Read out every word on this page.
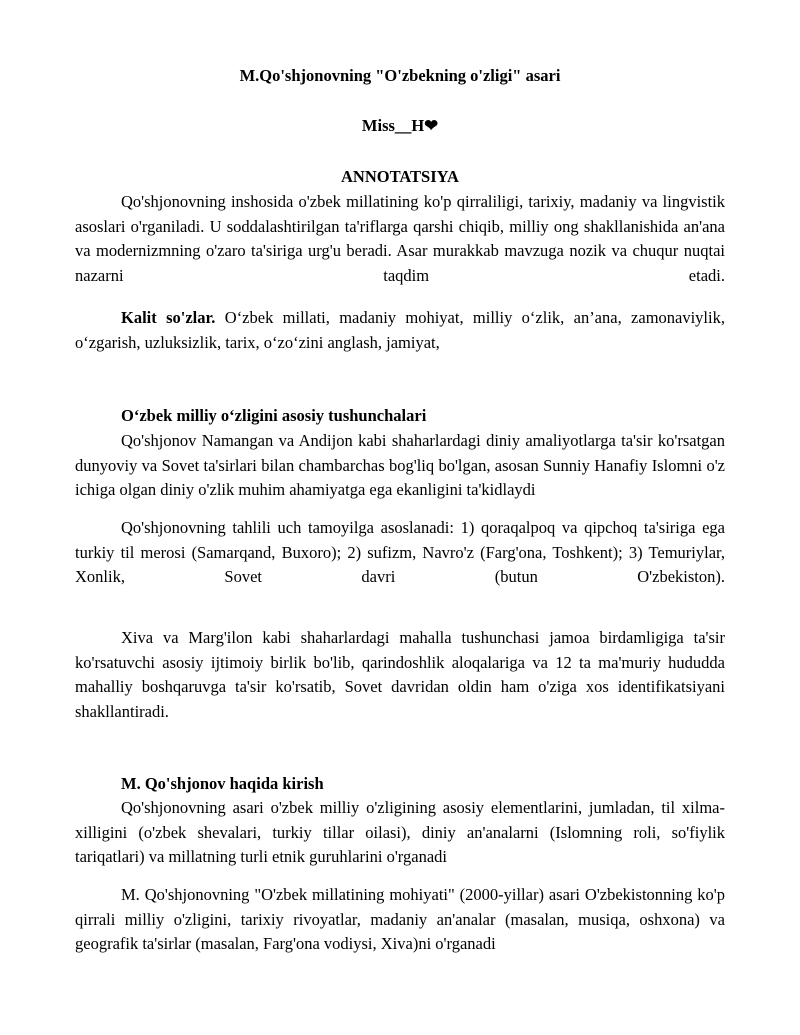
M.Qo'shjonovning "O'zbekning o'zligi" asari
Miss__H❤
ANNOTATSIYA

Qo'shjonovning inshosida o'zbek millatining ko'p qirraliligi, tarixiy, madaniy va lingvistik asoslari o'rganiladi. U soddalashtirilgan ta'riflarga qarshi chiqib, milliy ong shakllanishida an'ana va modernizmning o'zaro ta'siriga urg'u beradi. Asar murakkab mavzuga nozik va chuqur nuqtai nazarni taqdim etadi.

Kalit so'zlar. O‘zbek millati, madaniy mohiyat, milliy o‘zlik, an’ana, zamonaviylik, o‘zgarish, uzluksizlik, tarix, o‘zo‘zini anglash, jamiyat,

O‘zbek milliy o‘zligini asosiy tushunchalari

Qo'shjonov Namangan va Andijon kabi shaharlardagi diniy amaliyotlarga ta'sir ko'rsatgan dunyoviy va Sovet ta'sirlari bilan chambarchas bog'liq bo'lgan, asosan Sunniy Hanafiy Islomni o'z ichiga olgan diniy o'zlik muhim ahamiyatga ega ekanligini ta'kidlaydi

Qo'shjonovning tahlili uch tamoyilga asoslanadi: 1) qoraqalpoq va qipchoq ta'siriga ega turkiy til merosi (Samarqand, Buxoro); 2) sufizm, Navro'z (Farg'ona, Toshkent); 3) Temuriylar, Xonlik, Sovet davri (butun O'zbekiston).

Xiva va Marg'ilon kabi shaharlardagi mahalla tushunchasi jamoa birdamligiga ta'sir ko'rsatuvchi asosiy ijtimoiy birlik bo'lib, qarindoshlik aloqalariga va 12 ta ma'muriy hududda mahalliy boshqaruvga ta'sir ko'rsatib, Sovet davridan oldin ham o'ziga xos identifikatsiyani shakllantiradi.

M. Qo'shjonov haqida kirish

Qo'shjonovning asari o'zbek milliy o'zligining asosiy elementlarini, jumladan, til xilma-xilligini (o'zbek shevalari, turkiy tillar oilasi), diniy an'analarni (Islomning roli, so'fiylik tariqatlari) va millatning turli etnik guruhlarini o'rganadi

M. Qo'shjonovning "O'zbek millatining mohiyati" (2000-yillar) asari O'zbekistonning ko'p qirrali milliy o'zligini, tarixiy rivoyatlar, madaniy an'analar (masalan, musiqa, oshxona) va geografik ta'sirlar (masalan, Farg'ona vodiysi, Xiva)ni o'rganadi
